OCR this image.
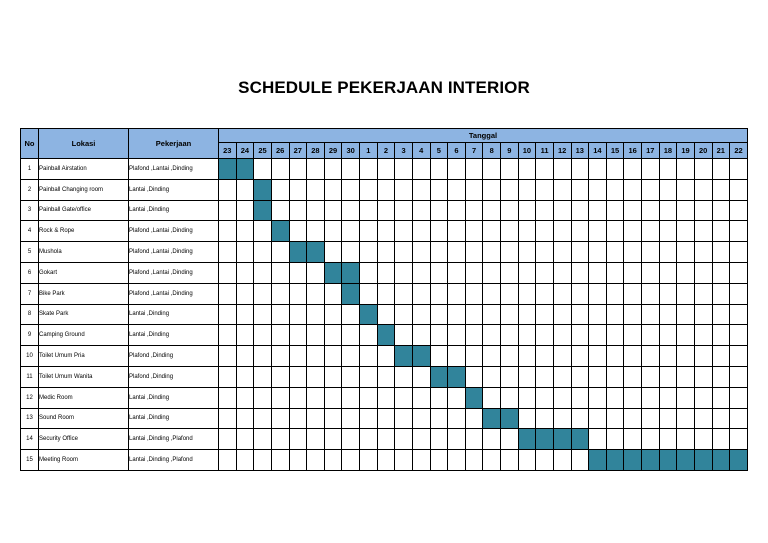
SCHEDULE PEKERJAAN INTERIOR
No	Lokasi	Pekerjaan	Tanggal																													
			23	24	25	26	27	28	29	30	1	2	3	4	5	6	7	8	9	10	11	12	13	14	15	16	17	18	19	20	21	22
1	Painball Airstation	Plafond ,Lantai ,Dinding																														
2	Painball Changing room	Lantai ,Dinding																														
3	Painball Gate/office	Lantai ,Dinding																														
4	Rock & Rope	Plafond ,Lantai ,Dinding																														
5	Mushola	Plafond ,Lantai ,Dinding																														
6	Gokart	Plafond ,Lantai ,Dinding																														
7	Bike Park	Plafond ,Lantai ,Dinding																														
8	Skate Park	Lantai ,Dinding																														
9	Camping Ground	Lantai ,Dinding																														
10	Toilet Umum Pria	Plafond ,Dinding																														
11	Toilet Umum Wanita	Plafond ,Dinding																														
12	Medic Room	Lantai ,Dinding																														
13	Sound Room	Lantai ,Dinding																														
14	Security Office	Lantai ,Dinding ,Plafond																														
15	Meeting Room	Lantai ,Dinding ,Plafond																														
